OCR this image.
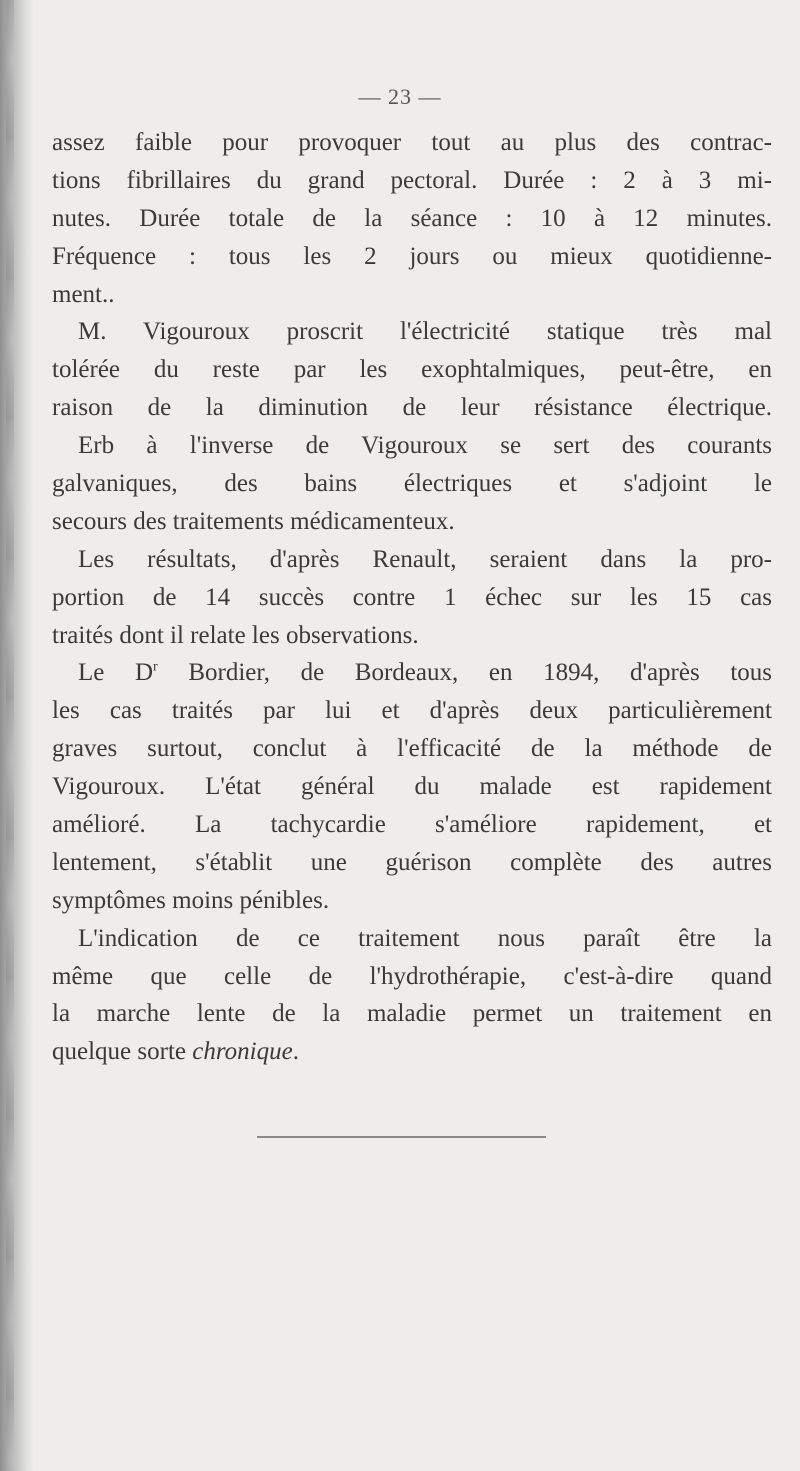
— 23 —
assez faible pour provoquer tout au plus des contrac-
tions fibrillaires du grand pectoral. Durée : 2 à 3 mi-
nutes. Durée totale de la séance : 10 à 12 minutes.
Fréquence : tous les 2 jours ou mieux quotidienne-
ment..
M. Vigouroux proscrit l'électricité statique très mal
tolérée du reste par les exophtalmiques, peut-être, en
raison de la diminution de leur résistance électrique.
Erb à l'inverse de Vigouroux se sert des courants
galvaniques, des bains électriques et s'adjoint le
secours des traitements médicamenteux.
Les résultats, d'après Renault, seraient dans la pro-
portion de 14 succès contre 1 échec sur les 15 cas
traités dont il relate les observations.
Le $D^r$ Bordier, de Bordeaux, en 1894, d'après tous
les cas traités par lui et d'après deux particulièrement
graves surtout, conclut à l'efficacité de la méthode de
Vigouroux. L'état général du malade est rapidement
amélioré. La tachycardie s'améliore rapidement, et
lentement, s'établit une guérison complète des autres
symptômes moins pénibles.
L'indication de ce traitement nous paraît être la
même que celle de l'hydrothérapie, c'est-à-dire quand
la marche lente de la maladie permet un traitement en
quelque sorte chronique.
